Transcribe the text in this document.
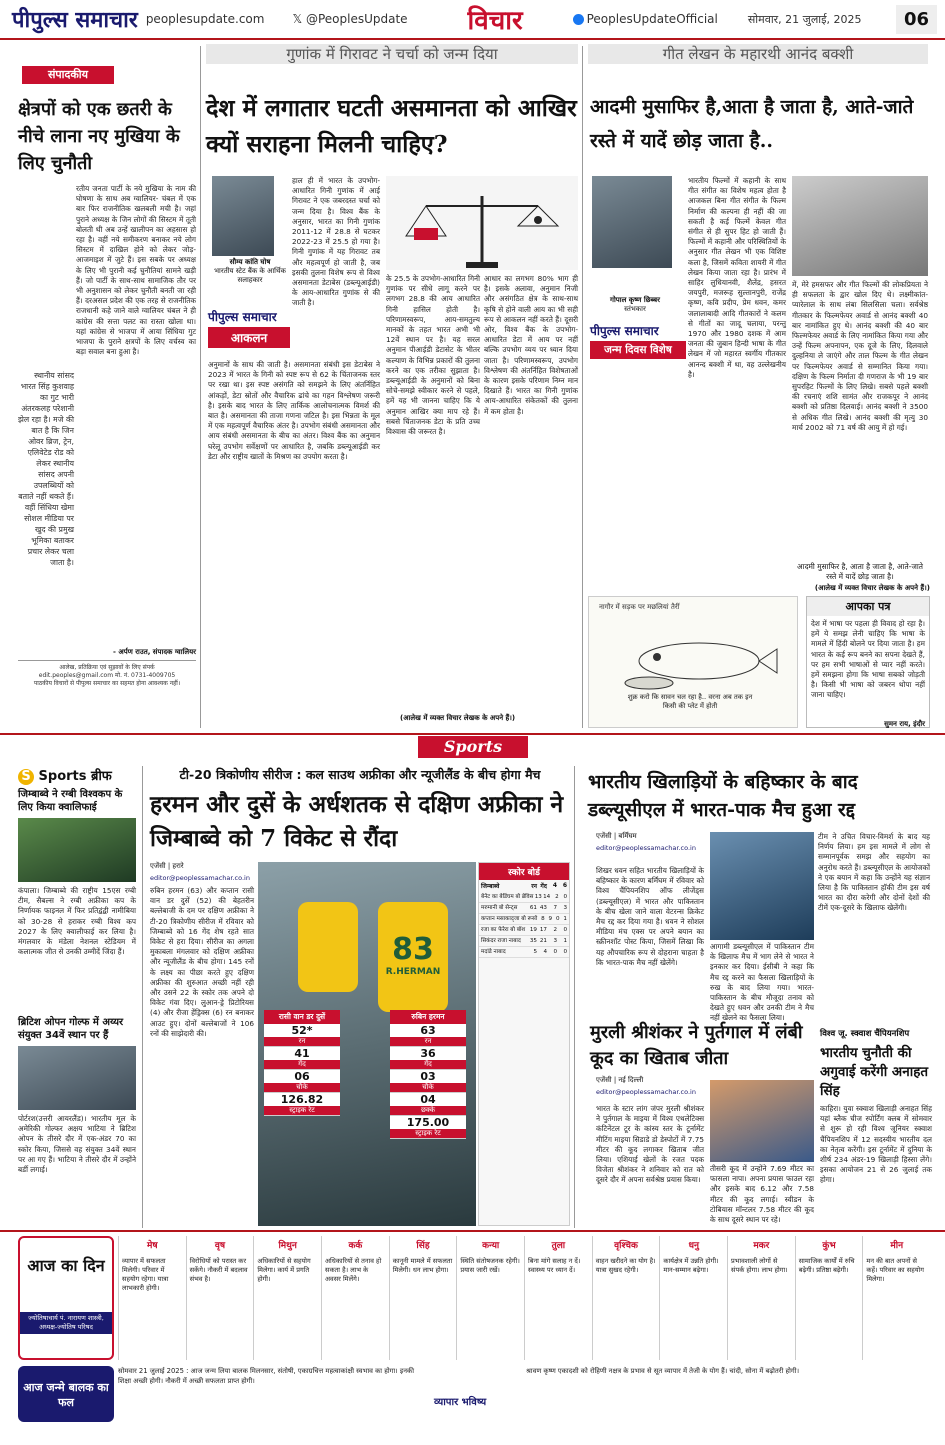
पीपुल्स समाचार peoplesupdate.com 𝕏 @PeoplesUpdate विचार	PeoplesUpdateOfficial	सोमवार, 21 जुलाई, 2025	06
संपादकीय
क्षेत्रपों को एक छतरी के नीचे लाना नए मुखिया के लिए चुनौती
रतीय जनता पार्टी के नये मुखिया के नाम की घोषणा के साथ अब ग्वालियर- चंबल में एक बार फिर राजनीतिक खलबली मची है। जहां पुराने अध्यक्ष के जिन लोगों की सिस्टम में तूती बोलती थी अब उन्हें खालीपन का अहसास हो रहा है। वहीं नये समीकरण बनाकर नये लोग सिस्टम में दाखिल होने को लेकर जोड़-आजमाइश में जुटे हैं। इस सबके पर अध्यक्ष के लिए भी पुरानी कई चुनौतियां सामने खड़ी हैं। जो पार्टी के साथ-साथ सामाजिक तौर पर भी अनुशासन को लेकर चुनौती बनती जा रही हैं। दरअसल प्रदेश की एक तरह से राजनीतिक राजधानी कहे जाने वाले ग्वालियर चंबल ने ही कांग्रेस की सत्ता पलट का रास्ता खोला था। यहां कांग्रेस से भाजपा में आया सिंधिया गुट भाजपा के पुराने क्षत्रपों के लिए वर्चस्व का बड़ा सवाल बना हुआ है।
स्थानीय सांसद भारत सिंह कुशवाह का गुट भारी अंतरकलह परेशानी झेल रहा है। मजे की बात है कि जिन ओवर ब्रिज, ट्रेन, एलिवेटेड रोड को लेकर स्थानीय सांसद अपनी उपलब्धियों को बताते नहीं थकते हैं। वहीं सिंधिया खेमा सोशल मीडिया पर खुद की प्रमुख भूमिका बताकर प्रचार लेकर चला जाता है।
- अर्पण राउत, संपादक ग्वालियर
आलेख, प्रतिक्रिया एवं सुझावों के लिए संपर्क
edit.peoples@gmail.com मो. नं. 0731-4009705
पाठकीय विचारों से पीपुल्स समाचार का सहमत होना आवश्यक नहीं।
गुणांक में गिरावट ने चर्चा को जन्म दिया
देश में लगातार घटती असमानता को आखिर क्यों सराहना मिलनी चाहिए?
सौम्य कांति घोष
भारतीय स्टेट बैंक के आर्थिक सलाहकार
पीपुल्स समाचार
आकलन
हाल ही में भारत के उपभोग-आधारित गिनी गुणांक में आई गिरावट ने एक जबरदस्त चर्चा को जन्म दिया है। विश्व बैंक के अनुसार, भारत का गिनी गुणांक 2011-12 में 28.8 से घटकर 2022-23 में 25.5 हो गया है। गिनी गुणांक में यह गिरावट तब और महत्वपूर्ण हो जाती है, जब इसकी तुलना विशेष रूप से विश्व असमानता डेटाबेस (डब्ल्यूआईडी) के आय-आधारित गुणांक से की जाती है।
अनुमानों के साथ की जाती है। असमानता संबंधी इस डेटाबेस ने 2023 में भारत के गिनी को स्पष्ट रूप से 62 के चिंताजनक स्तर पर रखा था। इस स्पष्ट असंगति को समझने के लिए अंतर्निहित आंकड़ों, डेटा स्रोतों और वैचारिक ढांचे का गहन विश्लेषण जरूरी है। इसके बाद भारत के लिए तार्किक आलोचनात्मक विमर्श की बात है। असमानता की ताजा गणना जटिल है। इस भिन्नता के मूल में एक महत्वपूर्ण वैचारिक अंतर है। उपभोग संबंधी असमानता और आय संबंधी असमानता के बीच का अंतर। विश्व बैंक का अनुमान घरेलू उपभोग सर्वेक्षणों पर आधारित है, जबकि डब्ल्यूआईडी कर डेटा और राष्ट्रीय खातों के मिश्रण का उपयोग करता है।
के 25.5 के उपभोग-आधारित गिनी गुणांक पर सीधे लागू करने पर लगभग 28.8 की आय आधारित गिनी हासिल होती है। परिणामस्वरूप, आय-समतुल्य मानकों के तहत भारत अभी भी 12वें स्थान पर है। यह सरल अनुमान पीआईडी डेटासेट के भीतर कल्याण के विभिन्न प्रकारों की तुलना करने का एक तरीका सुझाता है। डब्ल्यूआईडी के अनुमानों को बिना सोचे-समझे स्वीकार करने से पहले, हमें यह भी जानना चाहिए कि ये अनुमान आखिर क्या माप रहे हैं। सबसे चिंताजनक डेटा के प्रति उच्च विश्वास की जरूरत है।
आधार का लगभग 80% भाग ही है। इसके अलावा, अनुमान निजी और असंगठित क्षेत्र के साथ-साथ कृषि से होने वाली आय का भी सही रूप से आकलन नहीं करते हैं। दूसरी ओर, विश्व बैंक के उपभोग-आधारित डेटा में आय पर नहीं बल्कि उपभोग व्यय पर ध्यान दिया जाता है। परिणामस्वरूप, उपभोग विश्लेषण की अंतर्निहित विशेषताओं के कारण इसके परिणाम निम्न मान दिखाते हैं। भारत का गिनी गुणांक आय-आधारित संकेतकों की तुलना में कम होता है।
(आलेख में व्यक्त विचार लेखक के अपने हैं।)
गीत लेखन के महारथी आनंद बक्शी
आदमी मुसाफिर है,आता है जाता है, आते-जाते रस्ते में यादें छोड़ जाता है..
गोपाल कृष्ण छिब्बर
स्तंभकार
पीपुल्स समाचार
जन्म दिवस विशेष
भारतीय फिल्मों में कहानी के साथ गीत संगीत का विशेष महत्व होता है आजकल बिना गीत संगीत के फिल्म निर्माण की कल्पना ही नहीं की जा सकती है कई फिल्में केवल गीत संगीत से ही सुपर हिट हो जाती हैं। फिल्मों में कहानी और परिस्थितियों के अनुसार गीत लेखन भी एक विशिष्ट कला है, जिसमें कविता शायरी में गीत लेखन किया जाता रहा है। प्रारंभ में साहिर लुधियानवी, शैलेंद्र, हसरत जयपुरी, मजरूह सुल्तानपुरी, राजेंद्र कृष्ण, कवि प्रदीप, प्रेम धवन, कमर जलालाबादी आदि गीतकारों ने कलम से गीतों का जादू चलाया, परन्तु 1970 और 1980 दशक में आम जनता की जुबान हिन्दी भाषा के गीत लेखन में जो महारत स्वर्गीय गीतकार आनन्द बक्शी में था, वह उल्लेखनीय है।
में, मेरे हमसफर और गीत फिल्मों की लोकप्रियता ने ही सफलता के द्वार खोल दिए थे। लक्ष्मीकांत-प्यारेलाल के साथ लंबा सिलसिला चला। सर्वश्रेष्ठ गीतकार के फिल्मफेयर अवार्ड से आनंद बक्शी 40 बार नामांकित हुए थे। आनंद बक्शी की 40 बार फिल्मफेयर अवार्ड के लिए नामांकित किया गया और उन्हें फिल्म अपनापन, एक दूजे के लिए, दिलवाले दुल्हनिया ले जाएंगे और ताल फिल्म के गीत लेखन पर फिल्मफेयर अवार्ड से सम्मानित किया गया। दक्षिण के फिल्म निर्माता दी गणराज के भी 19 बार सुपरहिट फिल्मों के लिए लिखे। सबसे पहले बक्शी की रचनाएं शशि सामंत और राजकपूर ने आनंद बक्शी को प्रतिष्ठा दिलवाई। आनंद बक्शी ने 3500 से अधिक गीत लिखे। आनंद बक्शी की मृत्यु 30 मार्च 2002 को 71 वर्ष की आयु में हो गई।
आदमी मुसाफिर है, आता है जाता है, आते-जाते रस्ते में यादें छोड़ जाता है।
(आलेख में व्यक्त विचार लेखक के अपने हैं।)
नागौर में सड़क पर मछलियां तैरीं
शुक्र करो कि सावन चल रहा है.. वरना अब तक इन किसी की प्लेट में होती
आपका पत्र
देश में भाषा पर पहला ही विवाद हो रहा है। हमें ये समझ लेनी चाहिए कि भाषा के मामले में हिंदी बोलने पर दिया जाता है। हम भारत के कई रूप बनने का सपना देखते हैं, पर हम सभी भाषाओं से प्यार नहीं करते। हमें समझना होगा कि भाषा सबको जोड़ती है। किसी भी भाषा को जबरन थोपा नहीं जाना चाहिए।
सुमन राय, इंदौर
Sports
S Sports ब्रीफ
जिम्बाब्वे ने रग्बी विश्वकप के लिए किया क्वालिफाई
कंपाला। जिम्बाब्वे की राष्ट्रीय 15एस रग्बी टीम, सैबल्स ने रग्बी अफ्रीका कप के निर्णायक फाइनल में फिर प्रतिद्वंद्वी नामीबिया को 30-28 से हराकर रग्बी विश्व कप 2027 के लिए क्वालीफाई कर लिया है। मंगलवार के मंडेला नेशनल स्टेडियम में कलात्मक जीत से उनकी उम्मीदें जिंदा हैं।
ब्रिटिश ओपन गोल्फ में अय्यर संयुक्त 34वें स्थान पर हैं
पोर्टरश(उत्तरी आयरलैंड)। भारतीय मूल के अमेरिकी गोल्फर अक्षय भाटिया ने ब्रिटिश ओपन के तीसरे दौर में एक-अंडर 70 का स्कोर किया, जिससे वह संयुक्त 34वें स्थान पर आ गए हैं। भाटिया ने तीसरे दौर में उन्होंने बर्डी लगाई।
टी-20 त्रिकोणीय सीरीज : कल साउथ अफ्रीका और न्यूजीलैंड के बीच होगा मैच
हरमन और दुसें के अर्धशतक से दक्षिण अफ्रीका ने जिम्बाब्वे को 7 विकेट से रौंदा
एजेंसी | हरारे
editor@peoplessamachar.co.in
रुबिन हरमन (63) और कप्तान रासी वान डर दुसें (52) की बेहतरीन बल्लेबाजी के दम पर दक्षिण अफ्रीका ने टी-20 त्रिकोणीय सीरीज में रविवार को जिम्बाब्वे को 16 गेंद शेष रहते सात विकेट से हरा दिया। सीरीज का अगला मुकाबला मंगलवार को दक्षिण अफ्रीका और न्यूजीलैंड के बीच होगा। 145 रनों के लक्ष्य का पीछा करते हुए दक्षिण अफ्रीका की शुरुआत अच्छी नहीं रही और उसने 22 के स्कोर तक अपने दो विकेट गंवा दिए। लुआन-ड्रे प्रिटोरियस (4) और रीजा हेंड्रिक्स (6) रन बनाकर आउट हुए। दोनों बल्लेबाजों ने 106 रनों की साझेदारी की।
83
R.HERMAN
रासी वान डर दुसें
52*
रन
41
गेंद
06
चौके
126.82
स्ट्राइक रेट
रुबिन हरमन
63
रन
36
गेंद
03
चौके
04
छक्के
175.00
स्ट्राइक रेट
स्कोर बोर्ड
जिम्बाब्वे	रन गेंद 4 6
बेनेट का बेडिंघम बो ब्रेविस 13 14 2 0
मरुमानी बो सेन्ट्स	61 43	7	3
कप्तान मसाकाद्जा बो रूसो 8 9 0 1
रजा का फेरेरा बो बॉश 19 17	2	0
सिकंदर राजा नाबाद	35 21	3	1
मदांडे नाबाद	5	4	0	0
भारतीय खिलाड़ियों के बहिष्कार के बाद डब्ल्यूसीएल में भारत-पाक मैच हुआ रद्द
एजेंसी | बर्मिंघम
editor@peoplessamachar.co.in
शिखर धवन सहित भारतीय खिलाड़ियों के बहिष्कार के कारण बर्मिंघम में रविवार को विश्व चैंपियनशिप ऑफ लीजेंड्स (डब्ल्यूसीएल) में भारत और पाकिस्तान के बीच खेला जाने वाला वेटरन्स क्रिकेट मैच रद्द कर दिया गया है। धवन ने सोशल मीडिया मंच एक्स पर अपने बयान का स्क्रीनशॉट पोस्ट किया, जिसमें लिखा कि यह औपचारिक रूप से दोहराना चाहता है कि भारत-पाक मैच नहीं खेलेंगे।
आगामी डब्ल्यूसीएल में पाकिस्तान टीम के खिलाफ मैच में भाग लेने से भारत ने इनकार कर दिया। ईसीबी ने कहा कि मैच रद्द करने का फैसला खिलाड़ियों के रुख के बाद लिया गया। भारत-पाकिस्तान के बीच मौजूदा तनाव को देखते हुए धवन और उनकी टीम ने मैच नहीं खेलने का फैसला लिया।
टीम ने उचित विचार-विमर्श के बाद यह निर्णय लिया। हम इस मामले में लोग से सम्मानपूर्वक समझ और सहयोग का अनुरोध करते हैं। डब्ल्यूसीएल के आयोजकों ने एक बयान में कहा कि उन्होंने यह संज्ञान लिया है कि पाकिस्तान हॉकी टीम इस वर्ष भारत का दौरा करेगी और दोनों देशों की टीमें एक-दूसरे के खिलाफ खेलेंगी।
मुरली श्रीशंकर ने पुर्तगाल में लंबी कूद का खिताब जीता
एजेंसी | नई दिल्ली
editor@peoplessamachar.co.in
भारत के स्टार लांग जंपर मुरली श्रीशंकर ने पुर्तगाल के माइया में विश्व एथलेटिक्स कंटिनेंटल टूर के कांस्य स्तर के टूर्नामेंट मीटिंग माइया सिडाडे डो डेस्पोर्टो में 7.75 मीटर की कूद लगाकर खिताब जीत लिया। एशियाई खेलों के रजत पदक विजेता श्रीशंकर ने शनिवार को रात को दूसरे दौर में अपना सर्वश्रेष्ठ प्रयास किया।
तीसरी कूद में उन्होंने 7.69 मीटर का फासला नापा। अपना प्रयास फाउल रहा और इसके बाद 6.12 और 7.58 मीटर की कूद लगाई। स्वीडन के टोबियास मॉन्टलर 7.58 मीटर की कूद के साथ दूसरे स्थान पर रहे।
विश्व जू. स्क्वाश चैंपियनशिप
भारतीय चुनौती की अगुवाई करेंगी अनाहत सिंह
काहिरा। युवा स्क्वाश खिलाड़ी अनाहत सिंह यहां ब्लैक चीज स्पोर्टिंग क्लब में सोमवार से शुरू हो रही विश्व जूनियर स्क्वाश चैंपियनशिप में 12 सदस्यीय भारतीय दल का नेतृत्व करेंगी। इस टूर्नामेंट में दुनिया के शीर्ष 234 अंडर-19 खिलाड़ी हिस्सा लेंगे। इसका आयोजन 21 से 26 जुलाई तक होगा।
आज का दिन
ज्योतिषाचार्य पं. नारायण शास्त्री, अध्यक्ष-ज्योतिष परिषद
मेष
व्यापार में सफलता मिलेगी। परिवार में सहयोग रहेगा। यात्रा लाभकारी होगी।
वृष
विरोधियों को परास्त कर सकेंगे। नौकरी में बदलाव संभव है।
मिथुन
अधिकारियों से सहयोग मिलेगा। कार्य में प्रगति होगी।
कर्क
अधिकारियों से तनाव हो सकता है। लाभ के अवसर मिलेंगे।
सिंह
कानूनी मामले में सफलता मिलेगी। धन लाभ होगा।
कन्या
स्थिति संतोषजनक रहेगी। प्रयास जारी रखें।
तुला
बिना मांगे सलाह न दें। स्वास्थ्य पर ध्यान दें।
वृश्चिक
वाहन खरीदने का योग है। यात्रा सुखद रहेगी।
धनु
कार्यक्षेत्र में उन्नति होगी। मान-सम्मान बढ़ेगा।
मकर
प्रभावशाली लोगों से संपर्क होगा। लाभ होगा।
कुंभ
सामाजिक कार्यों में रुचि बढ़ेगी। प्रतिष्ठा बढ़ेगी।
मीन
मन की बात अपनों से कहें। परिवार का सहयोग मिलेगा।
आज जन्मे बालक का फल
सोमवार 21 जुलाई 2025 : आज जन्म लिया बालक मिलनसार, संतोषी, एकाग्रचित्त महत्वाकांक्षी स्वभाव का होगा। इनकी शिक्षा अच्छी होगी। नौकरी में अच्छी सफलता प्राप्त होगी।
व्यापार भविष्य
श्रावण कृष्ण एकादशी को रोहिणी नक्षत्र के प्रभाव से सूत व्यापार में तेजी के योग हैं। चांदी, सोना में बढ़ोतरी होगी।
